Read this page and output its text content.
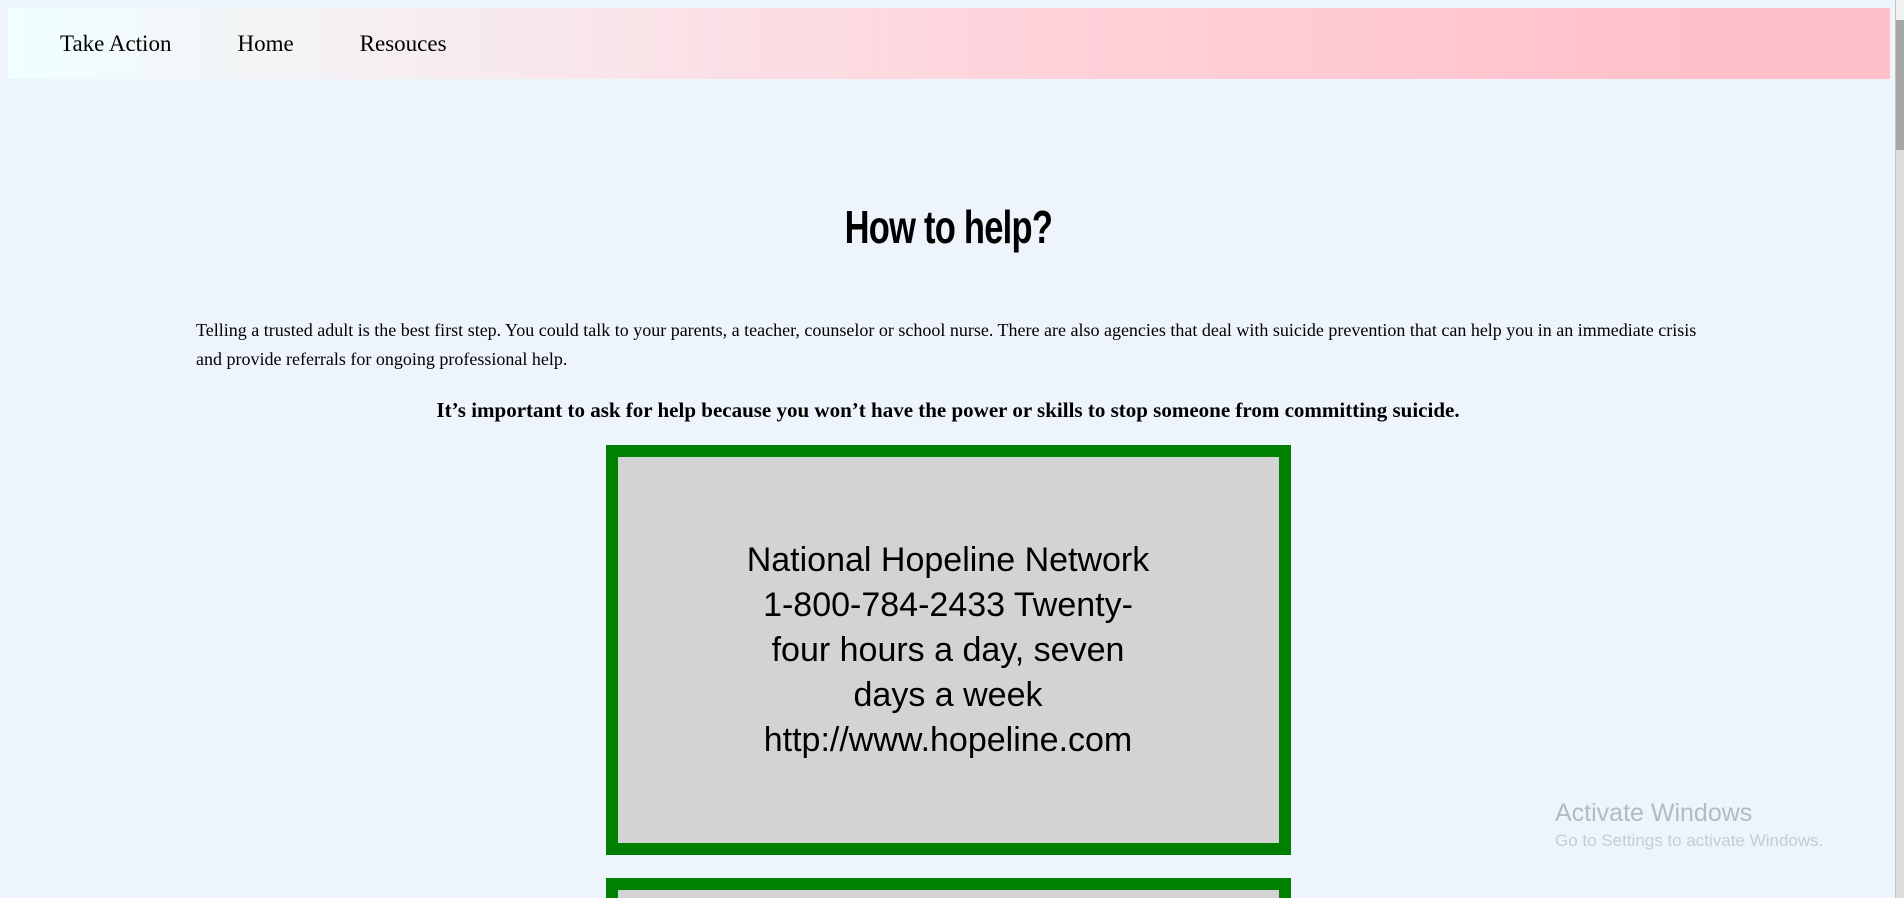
Take Action	Home	Resouces
How to help?

Telling a trusted adult is the best first step. You could talk to your parents, a teacher, counselor or school nurse. There are also agencies that deal with suicide prevention that can help you in an immediate crisis and provide referrals for ongoing professional help.

It’s important to ask for help because you won’t have the power or skills to stop someone from committing suicide.

National Hopeline Network
1-800-784-2433 Twenty-
four hours a day, seven
days a week
http://www.hopeline.com
Activate Windows
Go to Settings to activate Windows.
